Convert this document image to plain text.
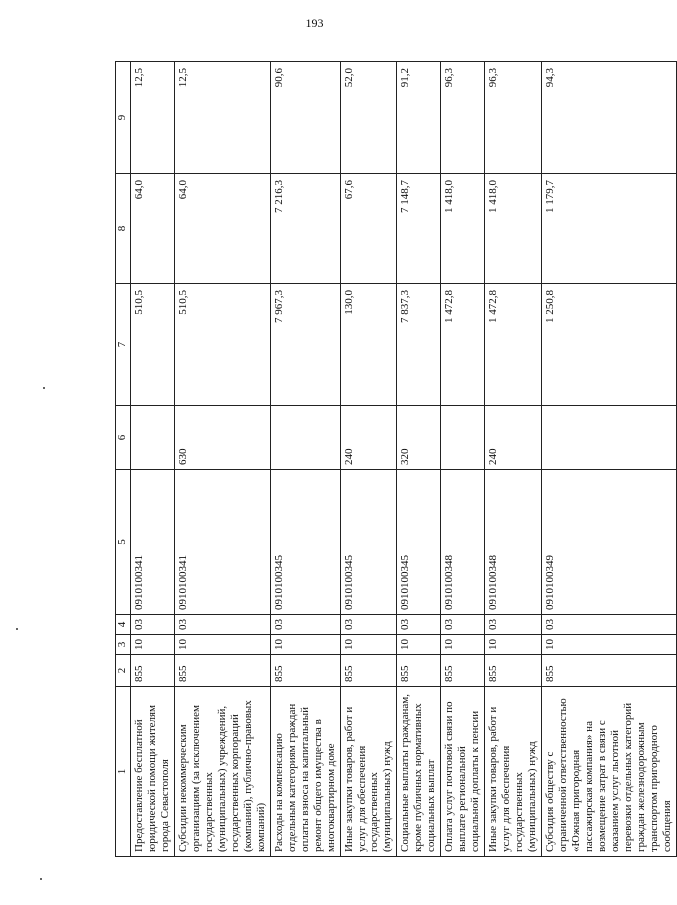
193
1	2	3	4	5	6	7	8	9
Предоставление бесплатной юридической помощи жителям города Севастополя	855	10	03	0910100341		510,5	64,0	12,5
Субсидии некоммерческим организациям (за исключением государственных (муниципальных) учреждений, государственных корпораций (компаний), публично-правовых компаний)	855	10	03	0910100341	630	510,5	64,0	12,5
Расходы на компенсацию отдельным категориям граждан оплаты взноса на капитальный ремонт общего имущества в многоквартирном доме	855	10	03	0910100345		7 967,3	7 216,3	90,6
Иные закупки товаров, работ и услуг для обеспечения государственных (муниципальных) нужд	855	10	03	0910100345	240	130,0	67,6	52,0
Социальные выплаты гражданам, кроме публичных нормативных социальных выплат	855	10	03	0910100345	320	7 837,3	7 148,7	91,2
Оплата услуг почтовой связи по выплате региональной социальной доплаты к пенсии	855	10	03	0910100348		1 472,8	1 418,0	96,3
Иные закупки товаров, работ и услуг для обеспечения государственных (муниципальных) нужд	855	10	03	0910100348	240	1 472,8	1 418,0	96,3
Субсидия обществу с ограниченной ответственностью «Южная пригородная пассажирская компания» на возмещение затрат в связи с оказанием услуг льготной перевозки отдельных категорий граждан железнодорожным транспортом пригородного сообщения	855	10	03	0910100349		1 250,8	1 179,7	94,3
